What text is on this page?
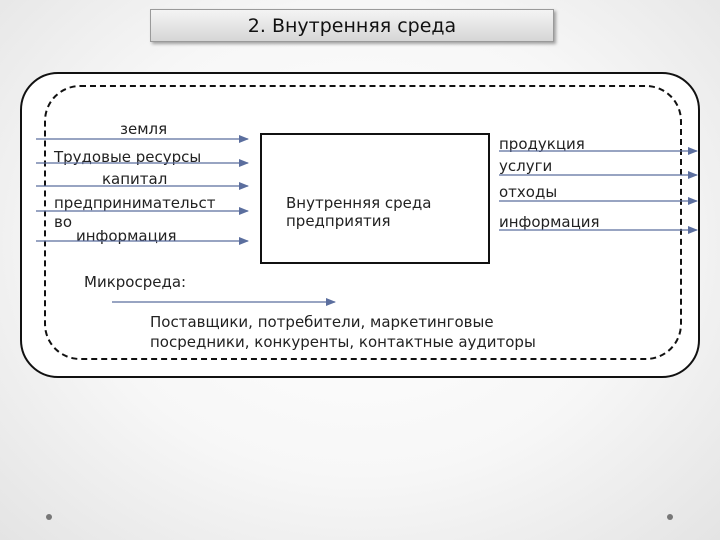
2. Внутренняя среда
земля
Трудовые ресурсы
капитал
предпринимательст
во
информация
Внутренняя среда
предприятия
продукция
услуги
отходы
информация
Микросреда:
Поставщики, потребители, маркетинговые посредники, конкуренты, контактные аудиторы
